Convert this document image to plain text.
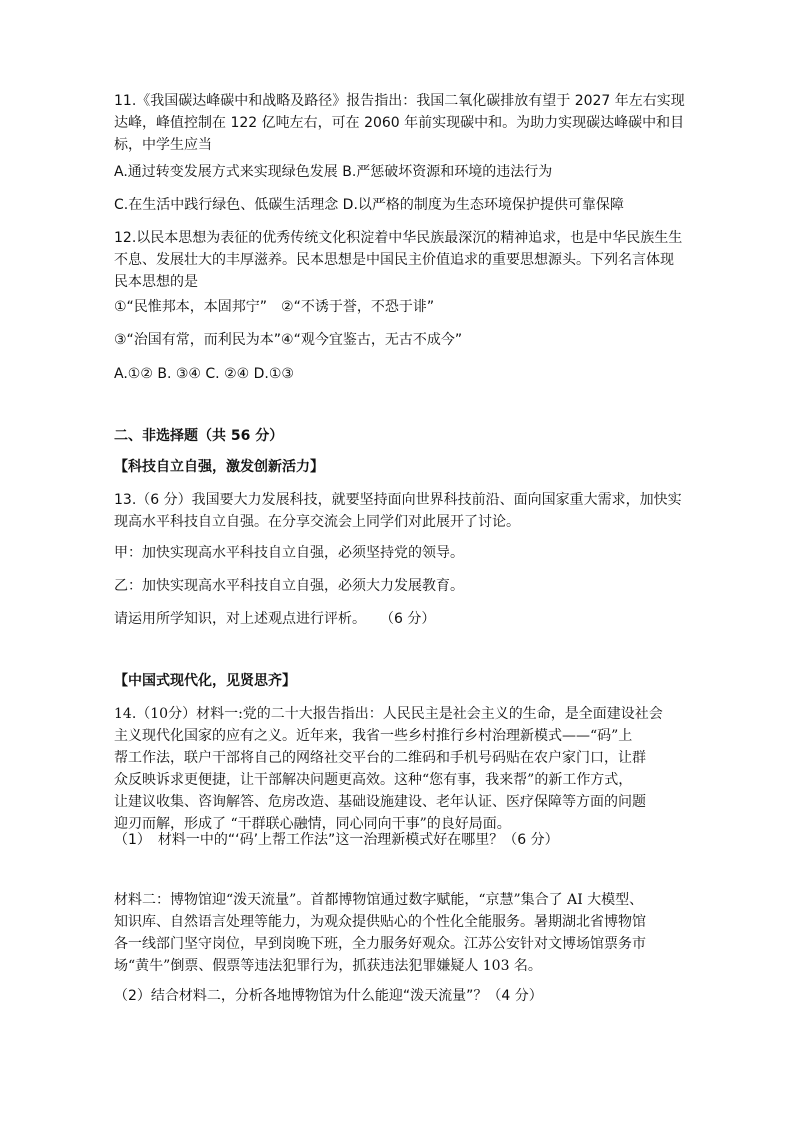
11.《我国碳达峰碳中和战略及路径》报告指出：我国二氧化碳排放有望于 2027 年左右实现达峰，峰值控制在 122 亿吨左右，可在 2060 年前实现碳中和。为助力实现碳达峰碳中和目标，中学生应当

A.通过转变发展方式来实现绿色发展 B.严惩破坏资源和环境的违法行为

C.在生活中践行绿色、低碳生活理念 D.以严格的制度为生态环境保护提供可靠保障

12.以民本思想为表征的优秀传统文化积淀着中华民族最深沉的精神追求，也是中华民族生生不息、发展壮大的丰厚滋养。民本思想是中国民主价值追求的重要思想源头。下列名言体现民本思想的是

①“民惟邦本，本固邦宁”　②“不诱于誉，不恐于诽”

③“治国有常，而利民为本”④“观今宜鉴古，无古不成今”

A.①② B. ③④ C. ②④ D.①③

二、非选择题（共 56 分）

【科技自立自强，激发创新活力】

13.（6 分）我国要大力发展科技，就要坚持面向世界科技前沿、面向国家重大需求，加快实现高水平科技自立自强。在分享交流会上同学们对此展开了讨论。

甲：加快实现高水平科技自立自强，必须坚持党的领导。

乙：加快实现高水平科技自立自强，必须大力发展教育。

请运用所学知识，对上述观点进行评析。　　（6 分）

【中国式现代化，见贤思齐】

14.（10分）材料一:党的二十大报告指出：人民民主是社会主义的生命，是全面建设社会
主义现代化国家的应有之义。近年来，我省一些乡村推行乡村治理新模式——“码”上
帮工作法，联户干部将自己的网络社交平台的二维码和手机号码贴在农户家门口，让群
众反映诉求更便捷，让干部解决问题更高效。这种“您有事，我来帮”的新工作方式，
让建议收集、咨询解答、危房改造、基础设施建设、老年认证、医疗保障等方面的问题
迎刃而解，形成了 “干群联心融情，同心同向干事”的良好局面。

（1）　材料一中的“‘码’上帮工作法”这一治理新模式好在哪里？（6 分）

材料二：博物馆迎“泼天流量”。首都博物馆通过数字赋能，“京慧”集合了 AI 大模型、
知识库、自然语言处理等能力，为观众提供贴心的个性化全能服务。暑期湖北省博物馆
各一线部门坚守岗位，早到岗晚下班，全力服务好观众。江苏公安针对文博场馆票务市
场“黄牛”倒票、假票等违法犯罪行为，抓获违法犯罪嫌疑人 103 名。

（2）结合材料二，分析各地博物馆为什么能迎“泼天流量”？（4 分）
